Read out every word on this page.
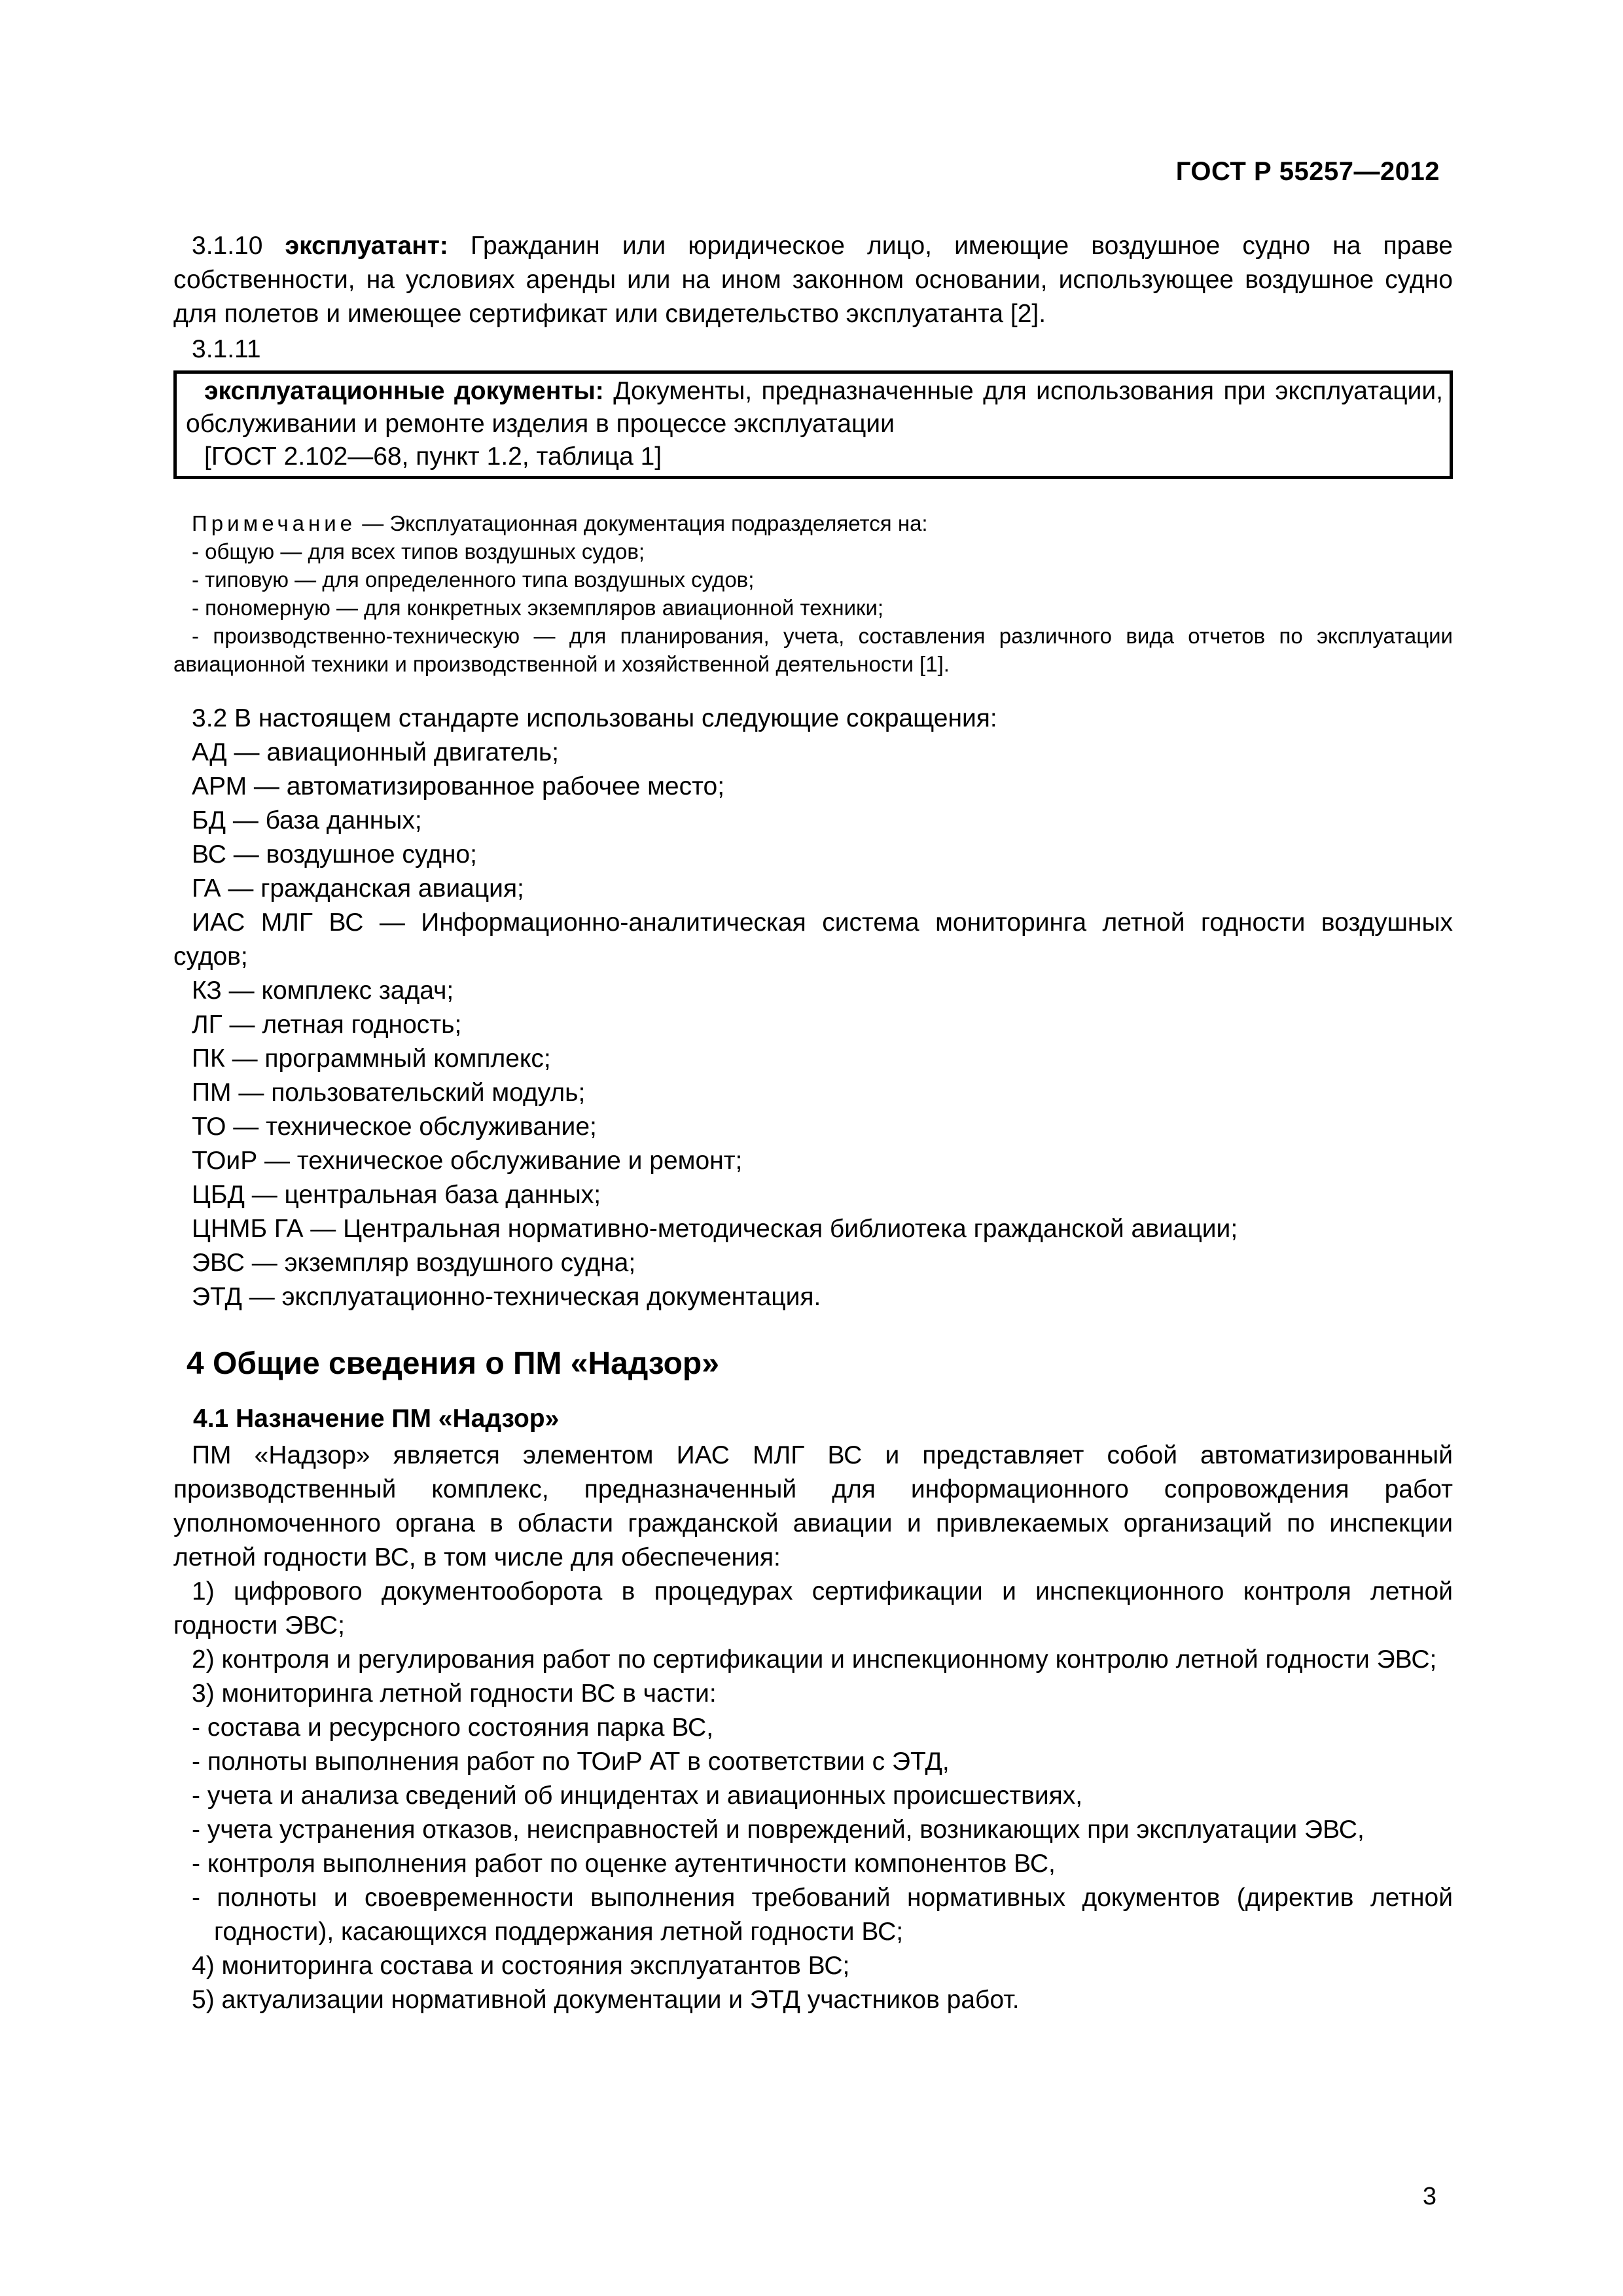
ГОСТ Р 55257—2012

3.1.10 эксплуатант: Гражданин или юридическое лицо, имеющие воздушное судно на праве собственности, на условиях аренды или на ином законном основании, использующее воздушное судно для полетов и имеющее сертификат или свидетельство эксплуатанта [2].

3.1.11

эксплуатационные документы: Документы, предназначенные для использования при эксплуатации, обслуживании и ремонте изделия в процессе эксплуатации

[ГОСТ 2.102—68, пункт 1.2, таблица 1]

Примечание — Эксплуатационная документация подразделяется на:

- общую — для всех типов воздушных судов;

- типовую — для определенного типа воздушных судов;

- пономерную — для конкретных экземпляров авиационной техники;

- производственно-техническую — для планирования, учета, составления различного вида отчетов по эксплуатации авиационной техники и производственной и хозяйственной деятельности [1].

3.2 В настоящем стандарте использованы следующие сокращения:

АД — авиационный двигатель;

АРМ — автоматизированное рабочее место;

БД — база данных;

ВС — воздушное судно;

ГА — гражданская авиация;

ИАС МЛГ ВС — Информационно-аналитическая система мониторинга летной годности воздушных судов;

КЗ — комплекс задач;

ЛГ — летная годность;

ПК — программный комплекс;

ПМ — пользовательский модуль;

ТО — техническое обслуживание;

ТОиР — техническое обслуживание и ремонт;

ЦБД — центральная база данных;

ЦНМБ ГА — Центральная нормативно-методическая библиотека гражданской авиации;

ЭВС — экземпляр воздушного судна;

ЭТД — эксплуатационно-техническая документация.

4 Общие сведения о ПМ «Надзор»
4.1 Назначение ПМ «Надзор»

ПМ «Надзор» является элементом ИАС МЛГ ВС и представляет собой автоматизированный производственный комплекс, предназначенный для информационного сопровождения работ уполномоченного органа в области гражданской авиации и привлекаемых организаций по инспекции летной годности ВС, в том числе для обеспечения:

1) цифрового документооборота в процедурах сертификации и инспекционного контроля летной годности ЭВС;

2) контроля и регулирования работ по сертификации и инспекционному контролю летной годности ЭВС;

3) мониторинга летной годности ВС в части:

- состава и ресурсного состояния парка ВС,

- полноты выполнения работ по ТОиР АТ в соответствии с ЭТД,

- учета и анализа сведений об инцидентах и авиационных происшествиях,

- учета устранения отказов, неисправностей и повреждений, возникающих при эксплуатации ЭВС,

- контроля выполнения работ по оценке аутентичности компонентов ВС,

- полноты и своевременности выполнения требований нормативных документов (директив летной годности), касающихся поддержания летной годности ВС;

4) мониторинга состава и состояния эксплуатантов ВС;

5) актуализации нормативной документации и ЭТД участников работ.

3
